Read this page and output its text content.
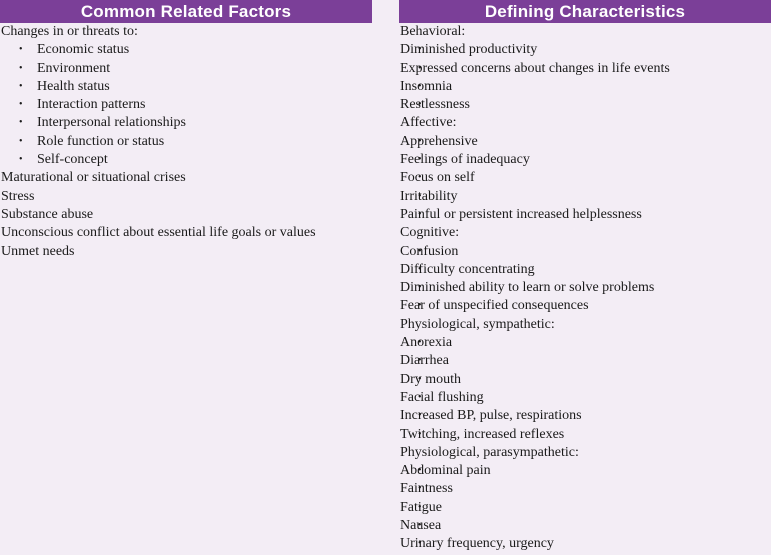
Common Related Factors
Changes in or threats to:
• Economic status
• Environment
• Health status
• Interaction patterns
• Interpersonal relationships
• Role function or status
• Self-concept
Maturational or situational crises
Stress
Substance abuse
Unconscious conflict about essential life goals or values
Unmet needs
Defining Characteristics
Behavioral:
• Diminished productivity
• Expressed concerns about changes in life events
• Insomnia
• Restlessness
Affective:
• Apprehensive
• Feelings of inadequacy
• Focus on self
• Irritability
• Painful or persistent increased helplessness
Cognitive:
• Confusion
• Difficulty concentrating
• Diminished ability to learn or solve problems
• Fear of unspecified consequences
Physiological, sympathetic:
• Anorexia
• Diarrhea
• Dry mouth
• Facial flushing
• Increased BP, pulse, respirations
• Twitching, increased reflexes
Physiological, parasympathetic:
• Abdominal pain
• Faintness
• Fatigue
• Nausea
• Urinary frequency, urgency
